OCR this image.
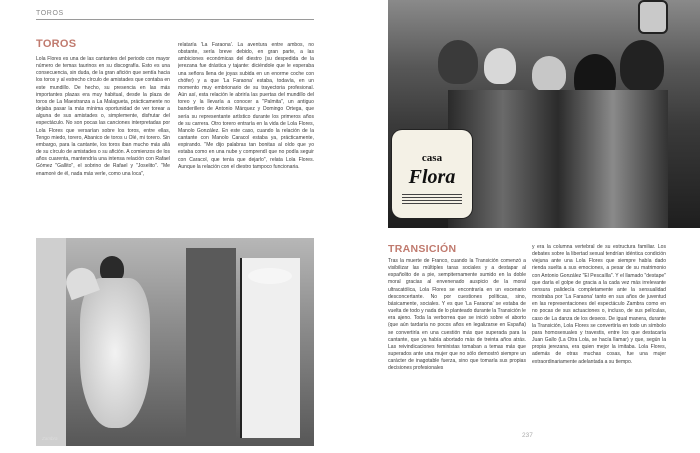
TOROS
TOROS

Lola Flores es una de las cantantes del periodo con mayor número de temas taurinos en su discografía. Esto es una consecuencia, sin duda, de la gran afición que sentía hacia los toros y al estrecho círculo de amistades que contaba en este mundillo. De hecho, su presencia en las más importantes plazas era muy habitual, desde la plaza de toros de La Maestranza a La Malagueta, prácticamente no dejaba pasar la más mínima oportunidad de ver torear a alguna de sus amistades o, simplemente, disfrutar del espectáculo. No son pocas las canciones interpretadas por Lola Flores que versarían sobre los toros, entre ellas, Tengo miedo, torero, Abanico de toros u Olé, mi torero. Sin embargo, para la cantante, los toros iban mucho más allá de su círculo de amistades o su afición. A comienzos de los años cuarenta, mantendría una intensa relación con Rafael Gómez "Gallito", el sobrino de Rafael y "Joselito". "Me enamoré de él, nada más verle, como una loca",

relataría 'La Faraona'. La aventura entre ambos, no obstante, sería breve debido, en gran parte, a las ambiciones económicas del diestro (su despedida de la jerezana fue drástica y tajante: diciéndole que le esperaba una señora llena de joyas subida en un enorme coche con chófer) y a que 'La Faraona' estaba, todavía, en un momento muy embrionario de su trayectoria profesional. Aún así, esta relación le abriría las puertas del mundillo del toreo y la llevaría a conocer a "Palmita", un antiguo banderillero de Antonio Márquez y Domingo Ortega, que sería su representante artístico durante los primeros años de su carrera. Otro torero entraría en la vida de Lola Flores, Manolo González. En este caso, cuando la relación de la cantante con Manolo Caracol estaba ya, prácticamente, expirando. "Me dijo palabras tan bonitas al oído que yo estaba como en una nube y comprendí que no podía seguir con Caracol, que tenía que dejarlo", relata Lola Flores. Aunque la relación con el diestro tampoco funcionaria.

Zambra
casa
Flora
TRANSICIÓN

Tras la muerte de Franco, cuando la Transición comenzó a visibilizar las múltiples taras sociales y a destapar al españolito de a pie, sempiternamente sumido en la doble moral gracias al envenenado auspicio de la moral ultracatólica, Lola Flores se encontraría en un escenario desconcertante. No por cuestiones políticas, sino, básicamente, sociales. Y es que 'La Faraona' se estaba de vuelta de todo y nada de lo planteado durante la Transición le era ajeno. Toda la verborrea que se inició sobre el aborto (que aún tardaría no pocos años en legalizarse en España) se convertiría en una cuestión más que superada para la cantante, que ya había abortado más de treinta años atrás. Las reivindicaciones feministas tomaban a temas más que superados ante una mujer que no sólo demostró siempre un carácter de inagotable fuerza, sino que tomaría sus propias decisiones profesionales

y era la columna vertebral de su estructura familiar. Los debates sobre la libertad sexual tendrían idéntica condición viejuna ante una Lola Flores que siempre había dado rienda suelta a sus emociones, a pesar de su matrimonio con Antonio González "El Pescaílla". Y el llamado "destape" que daría el golpe de gracia a la cada vez más irrelevante censura palidecía completamente ante la sensualidad mostraba por 'La Faraona' tanto en sus años de juventud en las representaciones del espectáculo Zambra como en no pocas de sus actuaciones o, incluso, de sus películas, caso de La danza de los deseos. De igual manera, durante la Transición, Lola Flores se convertiría en todo un símbolo para homosexuales y travestis, entre los que destacaría Juan Gallo (La Otra Lola, se hacía llamar) y que, según la propia jerezana, era quien mejor la imitaba. Lola Flores, además de otras muchas cosas, fue una mujer extraordinariamente adelantada a su tiempo.

237
